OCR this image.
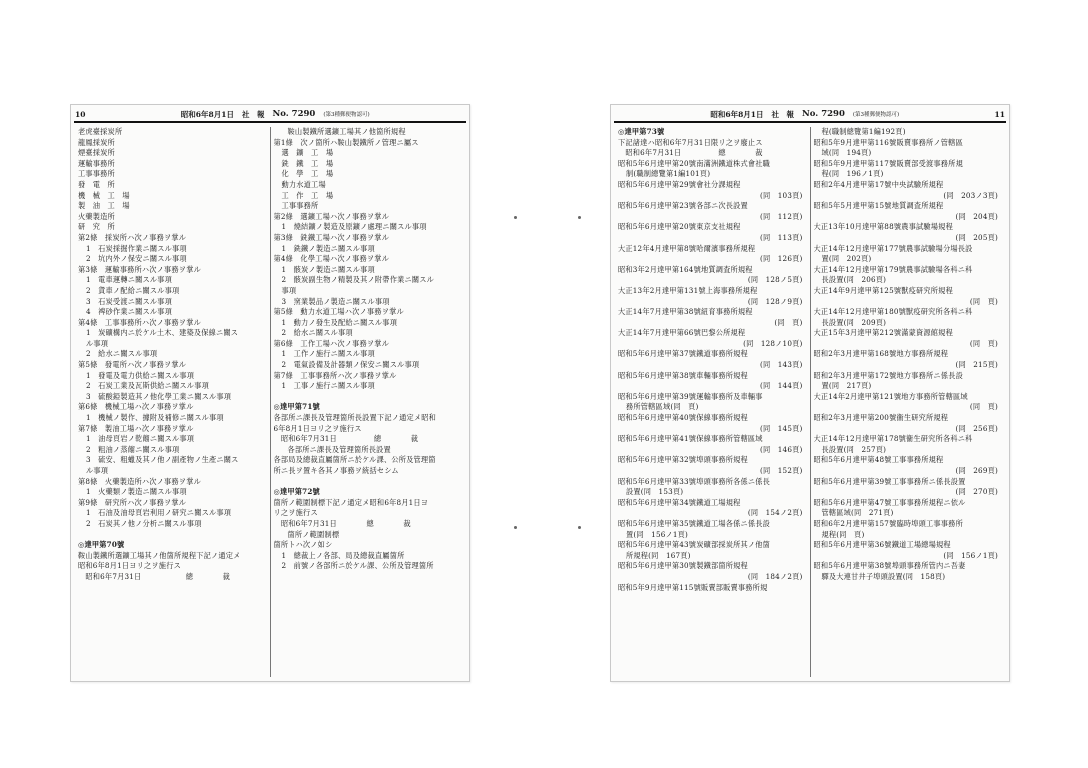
10	昭和6年8月1日 社　報 No. 7290 (第3種郵便物認可)
老虎臺採炭所
龍鳳採炭所
煙臺採炭所
運輸事務所
工事事務所
發　電　所
機　械　工　場
製　油　工　場
火藥製造所
研　究　所
第2條　採炭所ハ次ノ事務ヲ掌ル
1　石炭採掘作業ニ關スル事項
2　坑内外ノ保安ニ關スル事項
第3條　運輸事務所ハ次ノ事務ヲ掌ル
1　電車運轉ニ關スル事項
2　貨車ノ配給ニ關スル事項
3　石炭受渡ニ關スル事項
4　裨砂作業ニ關スル事項
第4條　工事事務所ハ次ノ事務ヲ掌ル
1　炭礦構内ニ於ケル土木、建築及保線ニ關ス
ル事項
2　給水ニ關スル事項
第5條　發電所ハ次ノ事務ヲ掌ル
1　發電及電力供給ニ關スル事項
2　石炭工業及瓦斯供給ニ關スル事項
3　硫酸錏製造其ノ他化學工業ニ關スル事項
第6條　機械工場ハ次ノ事務ヲ掌ル
1　機械ノ製作、據附及補修ニ關スル事項
第7條　製油工場ハ次ノ事務ヲ掌ル
1　油母頁岩ノ乾餾ニ關スル事項
2　粗油ノ蒸餾ニ關スル事項
3　硫安、粗蠟及其ノ他ノ副產物ノ生產ニ關ス
ル事項
第8條　火藥製造所ハ次ノ事務ヲ掌ル
1　火藥類ノ製造ニ關スル事項
第9條　研究所ハ次ノ事務ヲ掌ル
1　石油及油母頁岩利用ノ研究ニ關スル事項
2　石炭其ノ他ノ分析ニ關スル事項
◎達甲第70號
鞍山製鐵所選鑛工場其ノ他箇所規程下記ノ通定メ
昭和6年8月1日ヨリ之ヲ施行ス
　昭和6年7月31日　　　　　　總　　　　裁
鞍山製鐵所選鑛工場其ノ他箇所規程
第1條　次ノ箇所ハ鞍山製鐵所ノ管理ニ屬ス
選　鑛　工　場
銑　鐵　工　場
化　學　工　場
動力水道工場
工　作　工　場
工事事務所
第2條　選鑛工場ハ次ノ事務ヲ掌ル
1　燒結鑛ノ製造及原鑛ノ處理ニ關スル事項
第3條　銑鐵工場ハ次ノ事務ヲ掌ル
1　銑鐵ノ製造ニ關スル事項
第4條　化學工場ハ次ノ事務ヲ掌ル
1　骸炭ノ製造ニ關スル事項
2　骸炭副生物ノ精製及其ノ附帶作業ニ關スル
事項
3　窯業製品ノ製造ニ關スル事項
第5條　動力水道工場ハ次ノ事務ヲ掌ル
1　動力ノ發生及配給ニ關スル事項
2　給水ニ關スル事項
第6條　工作工場ハ次ノ事務ヲ掌ル
1　工作ノ施行ニ關スル事項
2　電氣設備及計器類ノ保安ニ關スル事項
第7條　工事事務所ハ次ノ事務ヲ掌ル
1　工事ノ施行ニ關スル事項
◎達甲第71號
各部所ニ課長及管理箇所長設置下記ノ通定メ昭和
6年8月1日ヨリ之ヲ施行ス
　昭和6年7月31日　　　　　總　　　　裁
各部所ニ課長及管理箇所長設置
各部局及總裁直屬箇所ニ於ケル課、公所及管理箇
所ニ長ヲ置キ各其ノ事務ヲ統括セシム
◎達甲第72號
箇所ノ範圍制標下記ノ通定メ昭和6年8月1日ヨ
リ之ヲ施行ス
　昭和6年7月31日　　　　總　　　　裁
箇所ノ範圍制標
箇所トハ次ノ如シ
1　總裁上ノ各部、局及總裁直屬箇所
2　前號ノ各部所ニ於ケル課、公所及管理箇所
昭和6年8月1日 社　報 No. 7290 (第3種郵便物認可)	11
◎達甲第73號
下記諸達ハ昭和6年7月31日限リ之ヲ廢止ス
　昭和6年7月31日　　　　　總　　　　裁
昭和5年6月達甲第20號南滿洲鐵道株式會社職
制(職制總覽第1編101頁)
昭和5年6月達甲第29號會社分課規程
(同　103頁)
昭和5年6月達甲第23號各部ニ次長設置
(同　112頁)
昭和5年6月達甲第20號東京支社規程
(同　113頁)
大正12年4月達甲第8號哈爾濱事務所規程
(同　126頁)
昭和3年2月達甲第164號地質調査所規程
(同　128ノ5頁)
大正13年2月達甲第131號上海事務所規程
(同　128ノ9頁)
大正14年7月達甲第38號紐育事務所規程
(同　頁)
大正14年7月達甲第66號巴黎公所規程
(同　128ノ10頁)
昭和5年6月達甲第37號鐵道事務所規程
(同　143頁)
昭和5年6月達甲第38號車輛事務所規程
(同　144頁)
昭和5年6月達甲第39號運輸事務所及車輛事
務所管轄區域(同　頁)
昭和5年6月達甲第40號保線事務所規程
(同　145頁)
昭和5年6月達甲第41號保線事務所管轄區域
(同　146頁)
昭和5年6月達甲第32號埠頭事務所規程
(同　152頁)
昭和5年6月達甲第33號埠頭事務所各係ニ係長
設置(同　153頁)
昭和5年6月達甲第34號鐵道工場規程
(同　154ノ2頁)
昭和5年6月達甲第35號鐵道工場各係ニ係長設
置(同　156ノ1頁)
昭和5年6月達甲第43號炭礦部採炭所其ノ他箇
所規程(同　167頁)
昭和5年6月達甲第30號製鐵部箇所規程
(同　184ノ2頁)
昭和5年9月達甲第115號販賣部販賣事務所規
程(職制總覽第1編192頁)
昭和5年9月達甲第116號販賣事務所ノ管轄區
域(同　194頁)
昭和5年9月達甲第117號販賣部受渡事務所規
程(同　196ノ1頁)
昭和2年4月達甲第17號中央試驗所規程
(同　203ノ3頁)
昭和5年5月達甲第15號地質調査所規程
(同　204頁)
大正13年10月達甲第88號農事試驗場規程
(同　205頁)
大正14年12月達甲第177號農事試驗場分場長設
置(同　202頁)
大正14年12月達甲第179號農事試驗場各科ニ科
長設置(同　206頁)
大正14年9月達甲第125號獸疫研究所規程
(同　頁)
大正14年12月達甲第180號獸疫研究所各科ニ科
長設置(同　209頁)
大正15年3月達甲第212號滿蒙資源館規程
(同　頁)
昭和2年3月達甲第168號地方事務所規程
(同　215頁)
昭和2年3月達甲第172號地方事務所ニ係長設
置(同　217頁)
大正14年2月達甲第121號地方事務所管轄區域
(同　頁)
昭和2年3月達甲第200號衞生研究所規程
(同　256頁)
大正14年12月達甲第178號衞生研究所各科ニ科
長設置(同　257頁)
昭和5年6月達甲第48號工事事務所規程
(同　269頁)
昭和5年6月達甲第39號工事事務所ニ係長設置
(同　270頁)
昭和5年6月達甲第47號工事事務所規程ニ依ル
管轄區域(同　271頁)
昭和6年2月達甲第157號臨時埠頭工事事務所
規程(同　頁)
昭和5年6月達甲第36號鐵道工場總場規程
(同　156ノ1頁)
昭和5年6月達甲第38號埠頭事務所管内ニ吾妻
驛及大連甘井子埠頭設置(同　158頁)
